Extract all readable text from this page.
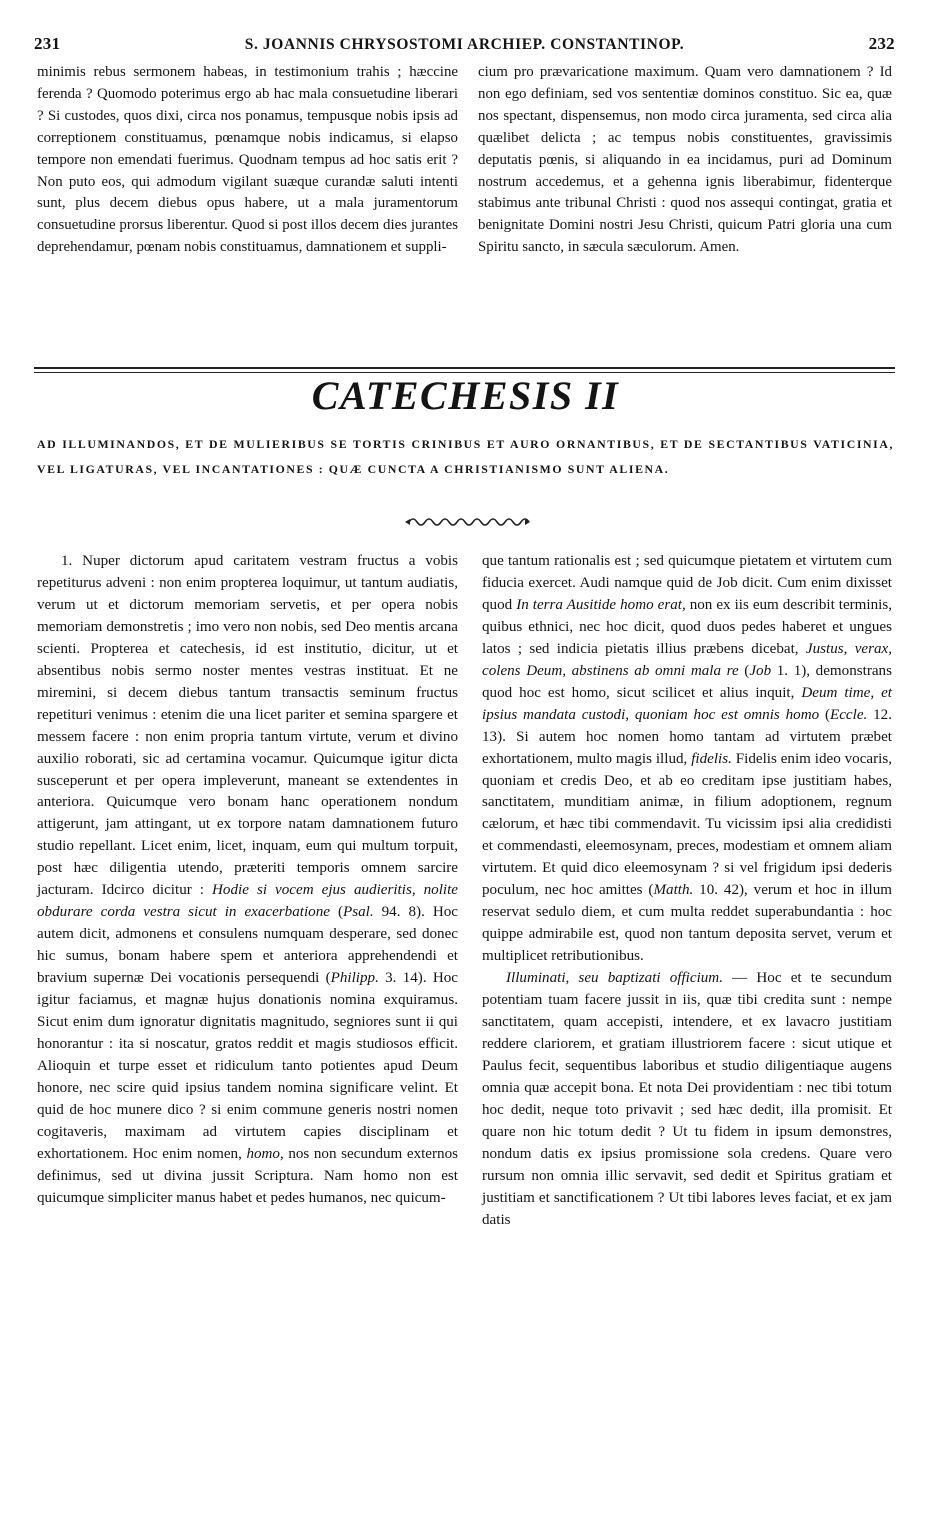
231	S. JOANNIS CHRYSOSTOMI ARCHIEP. CONSTANTINOP.	232

minimis rebus sermonem habeas, in testimonium trahis ; hæccine ferenda ? Quomodo poterimus ergo ab hac mala consuetudine liberari ? Si custodes, quos dixi, circa nos ponamus, tempusque nobis ipsis ad correptionem constituamus, pœnamque nobis indicamus, si elapso tempore non emendati fuerimus. Quodnam tempus ad hoc satis erit ? Non puto eos, qui admodum vigilant suæque curandæ saluti intenti sunt, plus decem diebus opus habere, ut a mala juramentorum consuetudine prorsus liberentur. Quod si post illos decem dies jurantes deprehendamur, pœnam nobis constituamus, damnationem et suppli-

cium pro prævaricatione maximum. Quam vero damnationem ? Id non ego definiam, sed vos sententiæ dominos constituo. Sic ea, quæ nos spectant, dispensemus, non modo circa juramenta, sed circa alia quælibet delicta ; ac tempus nobis constituentes, gravissimis deputatis pœnis, si aliquando in ea incidamus, puri ad Dominum nostrum accedemus, et a gehenna ignis liberabimur, fidenterque stabimus ante tribunal Christi : quod nos assequi contingat, gratia et benignitate Domini nostri Jesu Christi, quicum Patri gloria una cum Spiritu sancto, in sæcula sæculorum. Amen.

CATECHESIS II
AD ILLUMINANDOS, ET DE MULIERIBUS SE TORTIS CRINIBUS ET AURO ORNANTIBUS, ET DE SECTANTIBUS VATICINIA, VEL LIGATURAS, VEL INCANTATIONES : QUÆ CUNCTA A CHRISTIANISMO SUNT ALIENA.

1. Nuper dictorum apud caritatem vestram fructus a vobis repetiturus adveni : non enim propterea loquimur, ut tantum audiatis, verum ut et dictorum memoriam servetis, et per opera nobis memoriam demonstretis ; imo vero non nobis, sed Deo mentis arcana scienti. Propterea et catechesis, id est institutio, dicitur, ut et absentibus nobis sermo noster mentes vestras instituat. Et ne miremini, si decem diebus tantum transactis seminum fructus repetituri venimus : etenim die una licet pariter et semina spargere et messem facere : non enim propria tantum virtute, verum et divino auxilio roborati, sic ad certamina vocamur. Quicumque igitur dicta susceperunt et per opera impleverunt, maneant se extendentes in anteriora. Quicumque vero bonam hanc operationem nondum attigerunt, jam attingant, ut ex torpore natam damnationem futuro studio repellant. Licet enim, licet, inquam, eum qui multum torpuit, post hæc diligentia utendo, præteriti temporis omnem sarcire jacturam. Idcirco dicitur : Hodie si vocem ejus audieritis, nolite obdurare corda vestra sicut in exacerbatione (Psal. 94. 8). Hoc autem dicit, admonens et consulens numquam desperare, sed donec hic sumus, bonam habere spem et anteriora apprehendendi et bravium supernæ Dei vocationis persequendi (Philipp. 3. 14). Hoc igitur faciamus, et magnæ hujus donationis nomina exquiramus. Sicut enim dum ignoratur dignitatis magnitudo, segniores sunt ii qui honorantur : ita si noscatur, gratos reddit et magis studiosos efficit. Alioquin et turpe esset et ridiculum tanto potientes apud Deum honore, nec scire quid ipsius tandem nomina significare velint. Et quid de hoc munere dico ? si enim commune generis nostri nomen cogitaveris, maximam ad virtutem capies disciplinam et exhortationem. Hoc enim nomen, homo, nos non secundum externos definimus, sed ut divina jussit Scriptura. Nam homo non est quicumque simpliciter manus habet et pedes humanos, nec quicum-

que tantum rationalis est ; sed quicumque pietatem et virtutem cum fiducia exercet. Audi namque quid de Job dicit. Cum enim dixisset quod In terra Ausitide homo erat, non ex iis eum describit terminis, quibus ethnici, nec hoc dicit, quod duos pedes haberet et ungues latos ; sed indicia pietatis illius præbens dicebat, Justus, verax, colens Deum, abstinens ab omni mala re (Job 1. 1), demonstrans quod hoc est homo, sicut scilicet et alius inquit, Deum time, et ipsius mandata custodi, quoniam hoc est omnis homo (Eccle. 12. 13). Si autem hoc nomen homo tantam ad virtutem præbet exhortationem, multo magis illud, fidelis. Fidelis enim ideo vocaris, quoniam et credis Deo, et ab eo creditam ipse justitiam habes, sanctitatem, munditiam animæ, in filium adoptionem, regnum cælorum, et hæc tibi commendavit. Tu vicissim ipsi alia credidisti et commendasti, eleemosynam, preces, modestiam et omnem aliam virtutem. Et quid dico eleemosynam ? si vel frigidum ipsi dederis poculum, nec hoc amittes (Matth. 10. 42), verum et hoc in illum reservat sedulo diem, et cum multa reddet superabundantia : hoc quippe admirabile est, quod non tantum deposita servet, verum et multiplicet retributionibus.

Illuminati, seu baptizati officium. — Hoc et te secundum potentiam tuam facere jussit in iis, quæ tibi credita sunt : nempe sanctitatem, quam accepisti, intendere, et ex lavacro justitiam reddere clariorem, et gratiam illustriorem facere : sicut utique et Paulus fecit, sequentibus laboribus et studio diligentiaque augens omnia quæ accepit bona. Et nota Dei providentiam : nec tibi totum hoc dedit, neque toto privavit ; sed hæc dedit, illa promisit. Et quare non hic totum dedit ? Ut tu fidem in ipsum demonstres, nondum datis ex ipsius promissione sola credens. Quare vero rursum non omnia illic servavit, sed dedit et Spiritus gratiam et justitiam et sanctificationem ? Ut tibi labores leves faciat, et ex jam datis
